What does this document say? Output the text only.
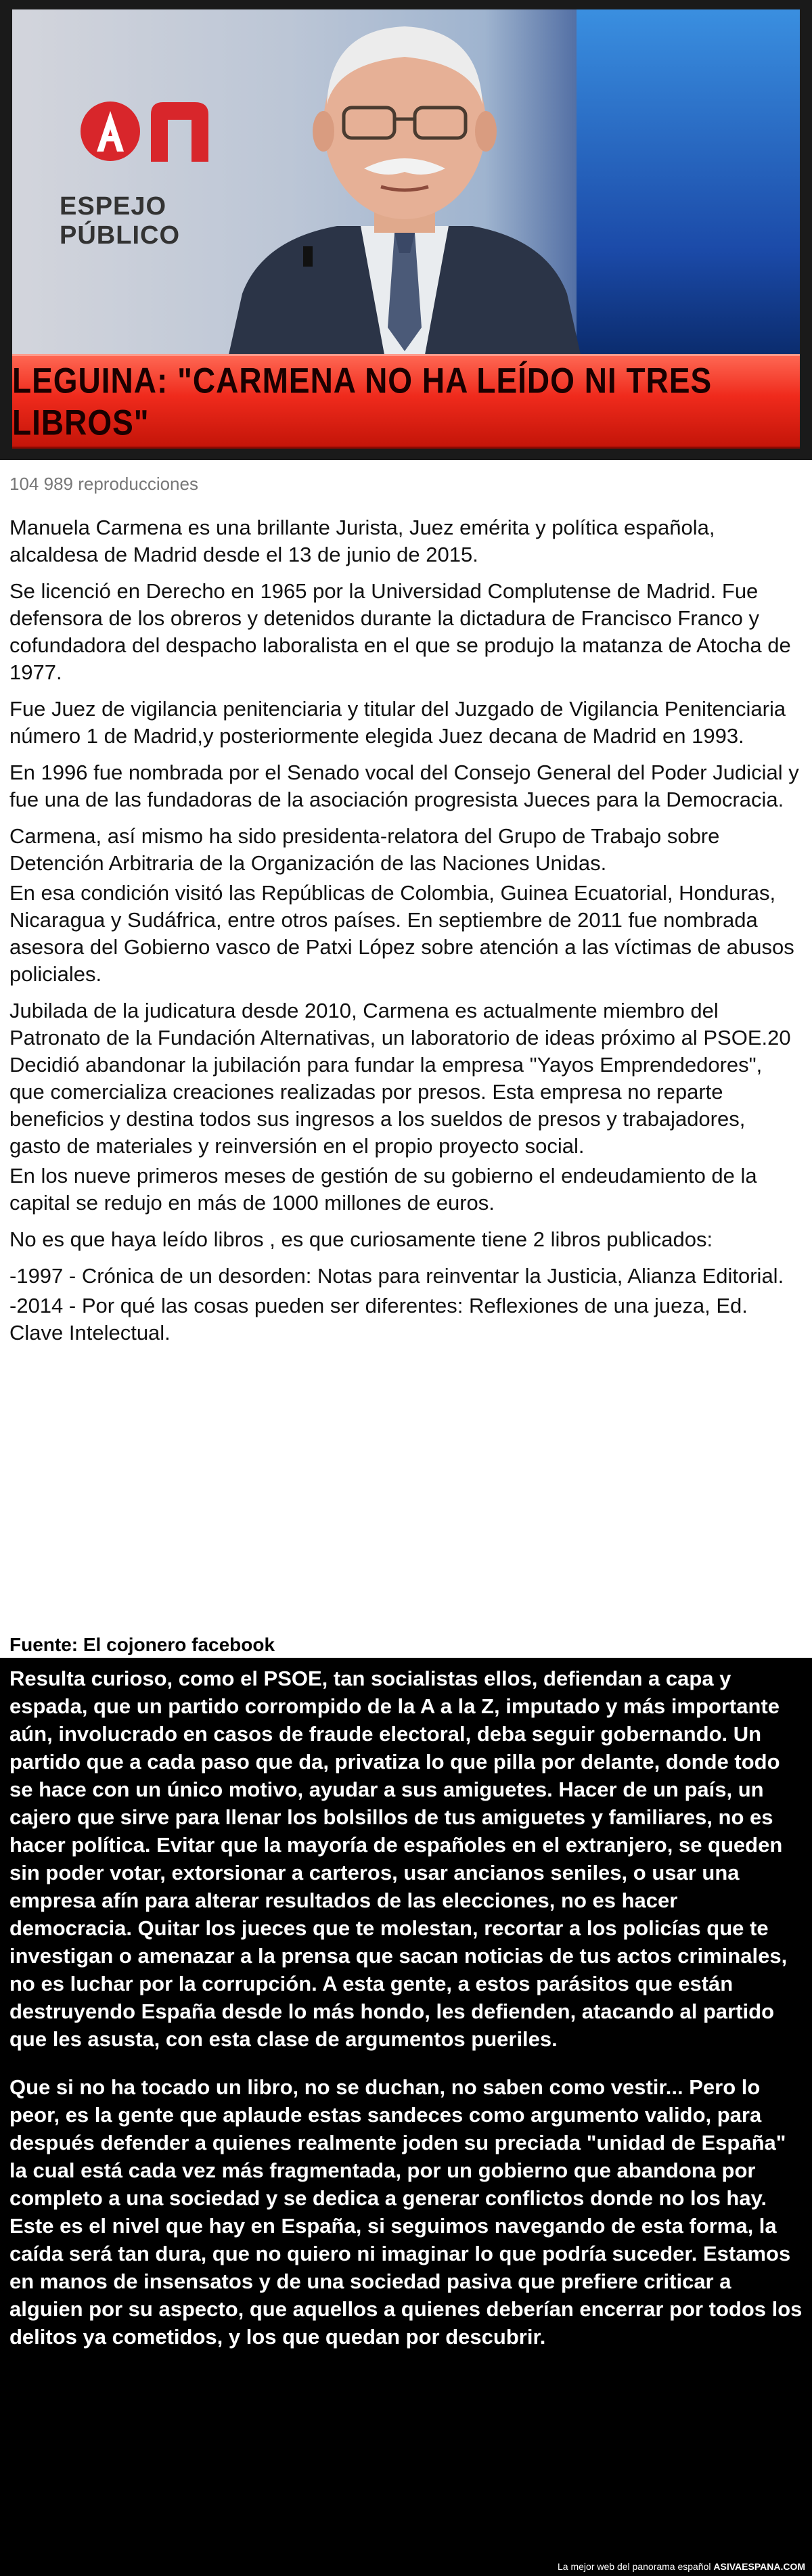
ESPEJO PÚBLICO
LEGUINA: "CARMENA NO HA LEÍDO NI TRES LIBROS"
104 989 reproducciones

Manuela Carmena es una brillante Jurista, Juez emérita y política española, alcaldesa de Madrid desde el 13 de junio de 2015.

Se licenció en Derecho en 1965 por la Universidad Complutense de Madrid. Fue defensora de los obreros y detenidos durante la dictadura de Francisco Franco y cofundadora del despacho laboralista en el que se produjo la matanza de Atocha de 1977.

Fue Juez de vigilancia penitenciaria y titular del Juzgado de Vigilancia Penitenciaria número 1 de Madrid,y posteriormente elegida Juez decana de Madrid en 1993.

En 1996 fue nombrada por el Senado vocal del Consejo General del Poder Judicial y fue una de las fundadoras de la asociación progresista Jueces para la Democracia.

Carmena, así mismo ha sido presidenta-relatora del Grupo de Trabajo sobre Detención Arbitraria de la Organización de las Naciones Unidas.

En esa condición visitó las Repúblicas de Colombia, Guinea Ecuatorial, Honduras, Nicaragua y Sudáfrica, entre otros países. En septiembre de 2011 fue nombrada asesora del Gobierno vasco de Patxi López sobre atención a las víctimas de abusos policiales.

Jubilada de la judicatura desde 2010, Carmena es actualmente miembro del Patronato de la Fundación Alternativas, un laboratorio de ideas próximo al PSOE.20 Decidió abandonar la jubilación para fundar la empresa "Yayos Emprendedores", que comercializa creaciones realizadas por presos. Esta empresa no reparte beneficios y destina todos sus ingresos a los sueldos de presos y trabajadores, gasto de materiales y reinversión en el propio proyecto social.

En los nueve primeros meses de gestión de su gobierno el endeudamiento de la capital se redujo en más de 1000 millones de euros.

No es que haya leído libros , es que curiosamente tiene 2 libros publicados:

-1997 - Crónica de un desorden: Notas para reinventar la Justicia, Alianza Editorial.

-2014 - Por qué las cosas pueden ser diferentes: Reflexiones de una jueza, Ed. Clave Intelectual.

Fuente: El cojonero facebook

Resulta curioso, como el PSOE, tan socialistas ellos, defiendan a capa y espada, que un partido corrompido de la A a la Z, imputado y más importante aún, involucrado en casos de fraude electoral, deba seguir gobernando. Un partido que a cada paso que da, privatiza lo que pilla por delante, donde todo se hace con un único motivo, ayudar a sus amiguetes. Hacer de un país, un cajero que sirve para llenar los bolsillos de tus amiguetes y familiares, no es hacer política. Evitar que la mayoría de españoles en el extranjero, se queden sin poder votar, extorsionar a carteros, usar ancianos seniles, o usar una empresa afín para alterar resultados de las elecciones, no es hacer democracia. Quitar los jueces que te molestan, recortar a los policías que te investigan o amenazar a la prensa que sacan noticias de tus actos criminales, no es luchar por la corrupción. A esta gente, a estos parásitos que están destruyendo España desde lo más hondo, les defienden, atacando al partido que les asusta, con esta clase de argumentos pueriles.

Que si no ha tocado un libro, no se duchan, no saben como vestir... Pero lo peor, es la gente que aplaude estas sandeces como argumento valido, para después defender a quienes realmente joden su preciada "unidad de España" la cual está cada vez más fragmentada, por un gobierno que abandona por completo a una sociedad y se dedica a generar conflictos donde no los hay. Este es el nivel que hay en España, si seguimos navegando de esta forma, la caída será tan dura, que no quiero ni imaginar lo que podría suceder. Estamos en manos de insensatos y de una sociedad pasiva que prefiere criticar a alguien por su aspecto, que aquellos a quienes deberían encerrar por todos los delitos ya cometidos, y los que quedan por descubrir.

La mejor web del panorama español ASIVAESPANA.COM
